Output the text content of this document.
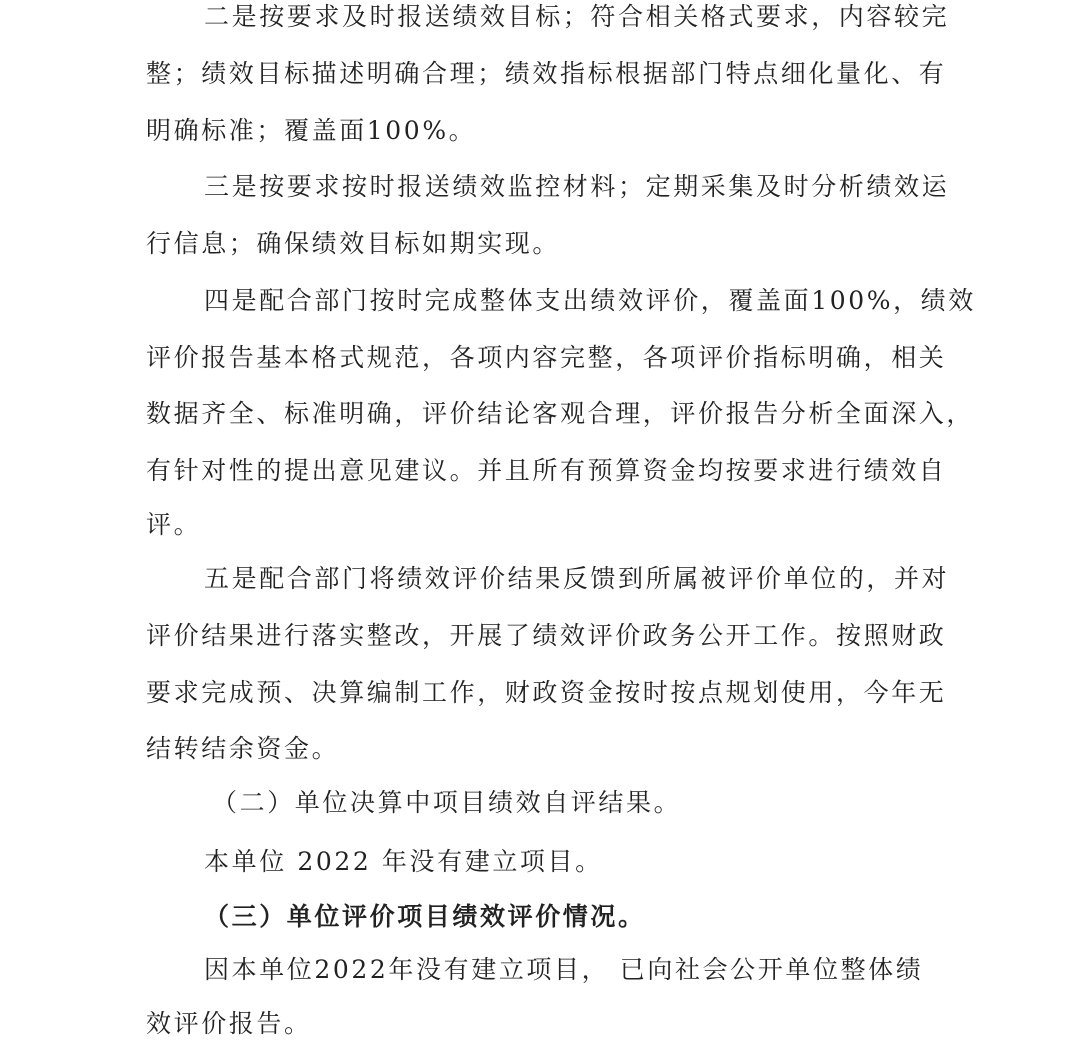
二是按要求及时报送绩效目标；符合相关格式要求，内容较完
整；绩效目标描述明确合理；绩效指标根据部门特点细化量化、有
明确标准；覆盖面100%。
三是按要求按时报送绩效监控材料；定期采集及时分析绩效运
行信息；确保绩效目标如期实现。
四是配合部门按时完成整体支出绩效评价，覆盖面100%，绩效
评价报告基本格式规范，各项内容完整，各项评价指标明确，相关
数据齐全、标准明确，评价结论客观合理，评价报告分析全面深入，
有针对性的提出意见建议。并且所有预算资金均按要求进行绩效自
评。
五是配合部门将绩效评价结果反馈到所属被评价单位的，并对
评价结果进行落实整改，开展了绩效评价政务公开工作。按照财政
要求完成预、决算编制工作，财政资金按时按点规划使用，今年无
结转结余资金。
（二）单位决算中项目绩效自评结果。
本单位 2022 年没有建立项目。
（三）单位评价项目绩效评价情况。
因本单位2022年没有建立项目， 已向社会公开单位整体绩
效评价报告。
